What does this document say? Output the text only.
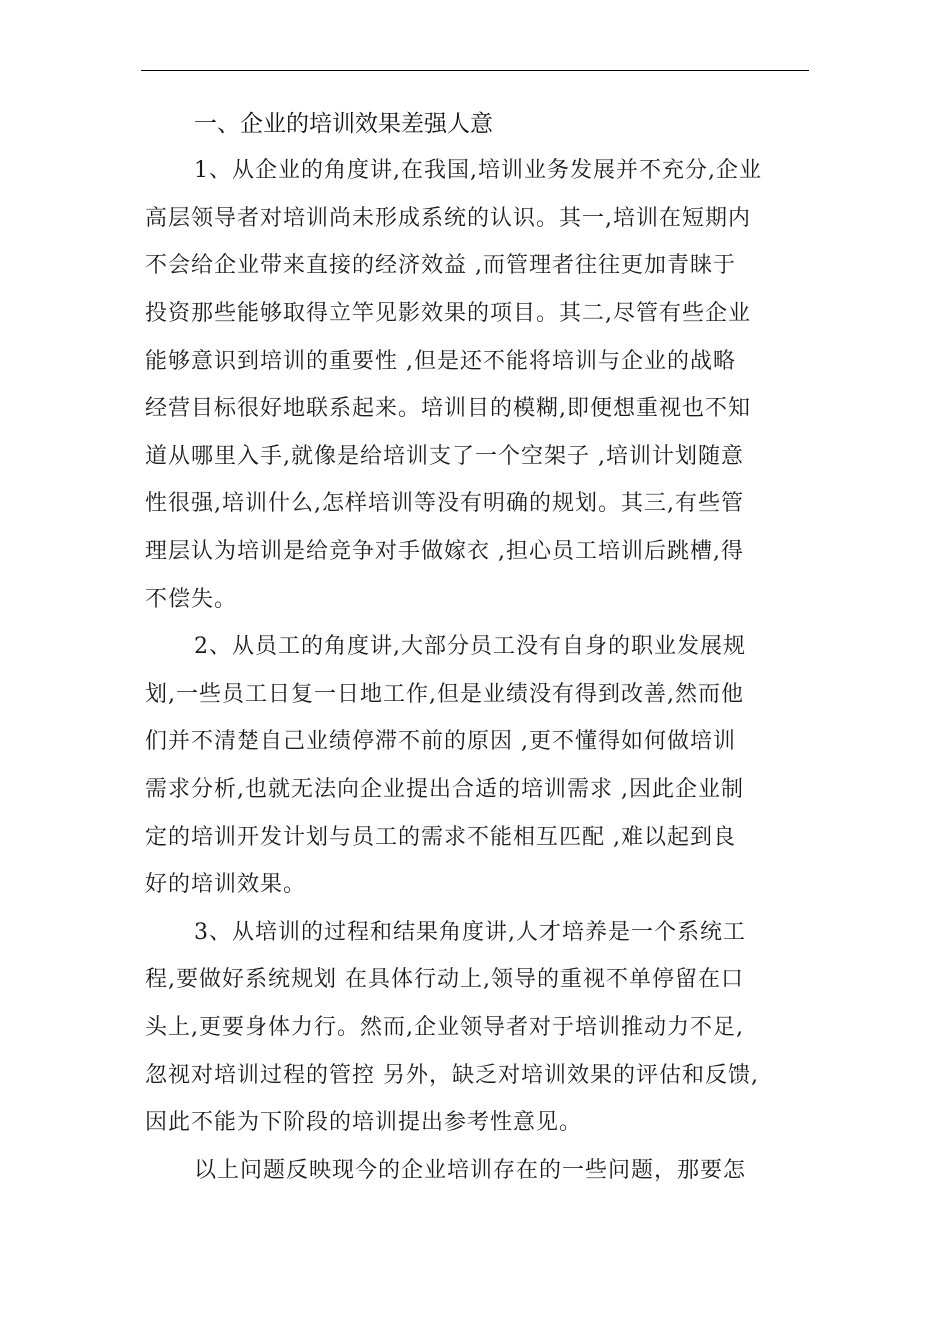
一、企业的培训效果差强人意
1、从企业的角度讲,在我国,培训业务发展并不充分,企业
高层领导者对培训尚未形成系统的认识。其一,培训在短期内
不会给企业带来直接的经济效益 ,而管理者往往更加青睐于
投资那些能够取得立竿见影效果的项目。其二,尽管有些企业
能够意识到培训的重要性 ,但是还不能将培训与企业的战略
经营目标很好地联系起来。培训目的模糊,即便想重视也不知
道从哪里入手,就像是给培训支了一个空架子 ,培训计划随意
性很强,培训什么,怎样培训等没有明确的规划。其三,有些管
理层认为培训是给竞争对手做嫁衣 ,担心员工培训后跳槽,得
不偿失。
2、从员工的角度讲,大部分员工没有自身的职业发展规
划,一些员工日复一日地工作,但是业绩没有得到改善,然而他
们并不清楚自己业绩停滞不前的原因 ,更不懂得如何做培训
需求分析,也就无法向企业提出合适的培训需求 ,因此企业制
定的培训开发计划与员工的需求不能相互匹配 ,难以起到良
好的培训效果。
3、从培训的过程和结果角度讲,人才培养是一个系统工
程,要做好系统规划 在具体行动上,领导的重视不单停留在口
头上,更要身体力行。然而,企业领导者对于培训推动力不足,
忽视对培训过程的管控 另外，缺乏对培训效果的评估和反馈,
因此不能为下阶段的培训提出参考性意见。
以上问题反映现今的企业培训存在的一些问题，那要怎
